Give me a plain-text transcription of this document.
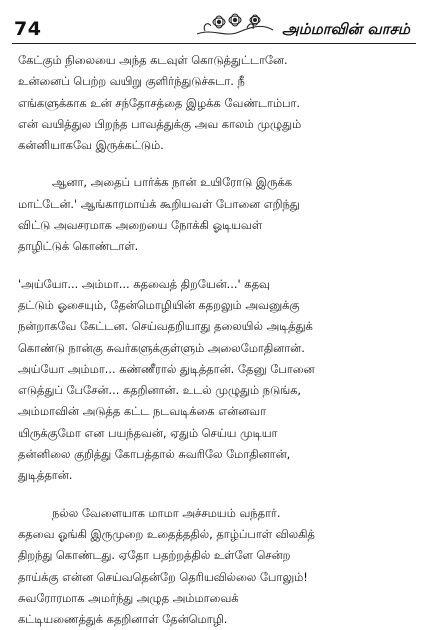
74	அம்மாவின் வாசம்

கேட்கும் நிலையை அந்த கடவுள் கொடுத்துட்டானே.
உன்னைப் பெற்ற வயிறு குளிர்ந்துடுச்சுடா. நீ
எங்களுக்காக உன் சந்தோசத்தை இழக்க வேண்டாம்பா.
என் வயித்துல பிறந்த பாவத்துக்கு அவ காலம் முழுதும்
கன்னியாகவே இருக்கட்டும்.

ஆனா, அதைப் பார்க்க நான் உயிரோடு இருக்க
மாட்டேன்.' ஆங்காரமாய்க் கூறியவள் போனை எறிந்து
விட்டு அவசரமாக அறையை நோக்கி ஓடியவள்
தாழிட்டுக் கொண்டாள்.

'அய்யோ... அம்மா... கதவைத் திறயேன்...' கதவு
தட்டும் ஓசையும், தேன்மொழியின் கதறலும் அவனுக்கு
நன்றாகவே கேட்டன. செய்வதறியாது தலையில் அடித்துக்
கொண்டு நான்கு சுவர்களுக்குள்ளும் அலைமோதினான்.
அய்யோ அம்மா... கண்ணீரால் துடித்தான். தேனு போனை
எடுத்துப் பேசேன்... கதறினான். உடல் முழுதும் நடுங்க,
அம்மாவின் அடுத்த கட்ட நடவடிக்கை என்னவா
யிருக்குமோ என பயந்தவன், ஏதும் செய்ய முடியா
தன்னிலை குறித்து கோபத்தால் சுவரிலே மோதினான்,
துடித்தான்.

நல்ல வேளையாக மாமா அச்சமயம் வந்தார்.
கதவை ஓங்கி இருமுறை உதைத்ததில், தாழ்ப்பாள் விலகித்
திறந்து கொண்டது. ஏதோ பதற்றத்தில் உள்ளே சென்ற
தாய்க்கு என்ன செய்வதென்றே தெரியவில்லை போலும்!
சுவரோரமாக அமர்ந்து அழுத அம்மாவைக்
கட்டியணைத்துக் கதறினாள் தேன்மொழி.
